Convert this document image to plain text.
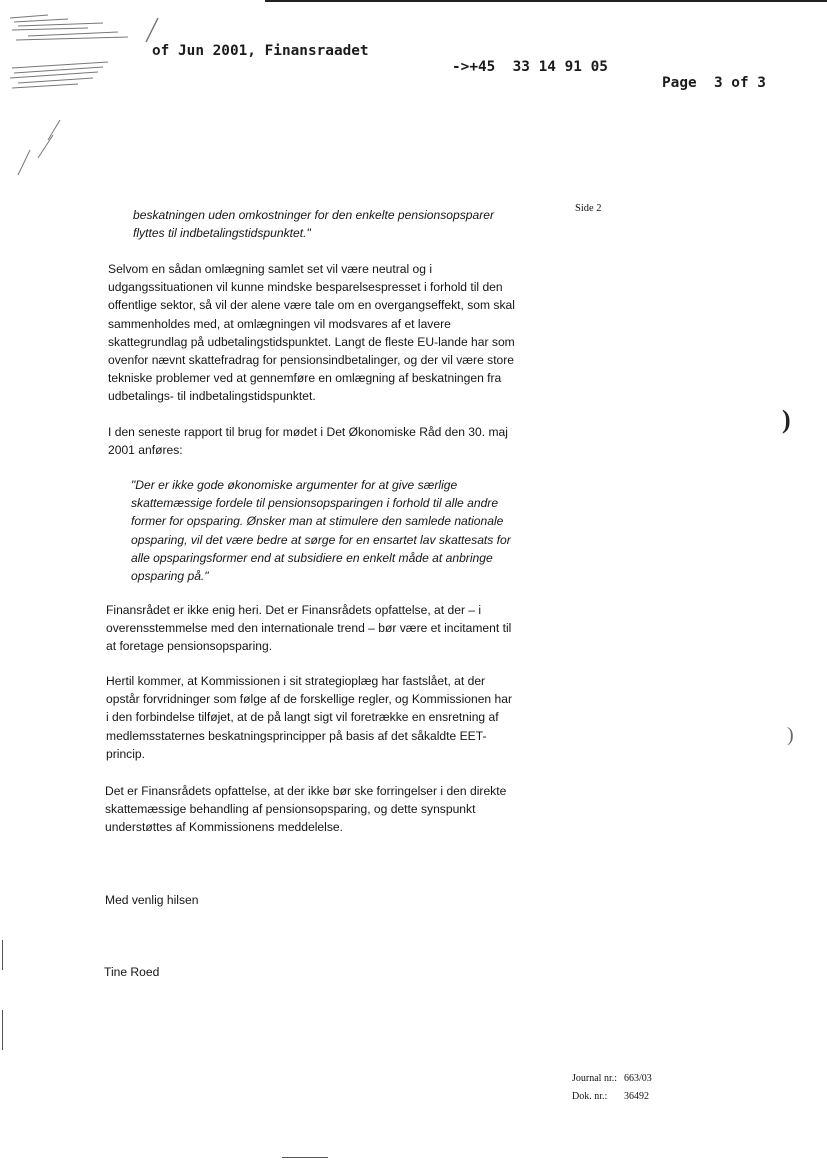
of Jun 2001, Finansraadet

->+45  33 14 91 05

Page  3 of 3

Side 2
beskatningen uden omkostninger for den enkelte pensionsopsparer
flyttes til indbetalingstidspunktet."
Selvom en sådan omlægning samlet set vil være neutral og i
udgangssituationen vil kunne mindske besparelsespresset i forhold til den
offentlige sektor, så vil der alene være tale om en overgangseffekt, som skal
sammenholdes med, at omlægningen vil modsvares af et lavere
skattegrundlag på udbetalingstidspunktet. Langt de fleste EU-lande har som
ovenfor nævnt skattefradrag for pensionsindbetalinger, og der vil være store
tekniske problemer ved at gennemføre en omlægning af beskatningen fra
udbetalings- til indbetalingstidspunktet.
I den seneste rapport til brug for mødet i Det Økonomiske Råd den 30. maj
2001 anføres:
"Der er ikke gode økonomiske argumenter for at give særlige
skattemæssige fordele til pensionsopsparingen i forhold til alle andre
former for opsparing. Ønsker man at stimulere den samlede nationale
opsparing, vil det være bedre at sørge for en ensartet lav skattesats for
alle opsparingsformer end at subsidiere en enkelt måde at anbringe
opsparing på."
Finansrådet er ikke enig heri. Det er Finansrådets opfattelse, at der – i
overensstemmelse med den internationale trend – bør være et incitament til
at foretage pensionsopsparing.
Hertil kommer, at Kommissionen i sit strategioplæg har fastslået, at der
opstår forvridninger som følge af de forskellige regler, og Kommissionen har
i den forbindelse tilføjet, at de på langt sigt vil foretrække en ensretning af
medlemsstaternes beskatningsprincipper på basis af det såkaldte EET-
princip.
Det er Finansrådets opfattelse, at der ikke bør ske forringelser i den direkte
skattemæssige behandling af pensionsopsparing, og dette synspunkt
understøttes af Kommissionens meddelelse.
Med venlig hilsen
Tine Roed
Journal nr.: 663/03
Dok. nr.: 36492
)
)
